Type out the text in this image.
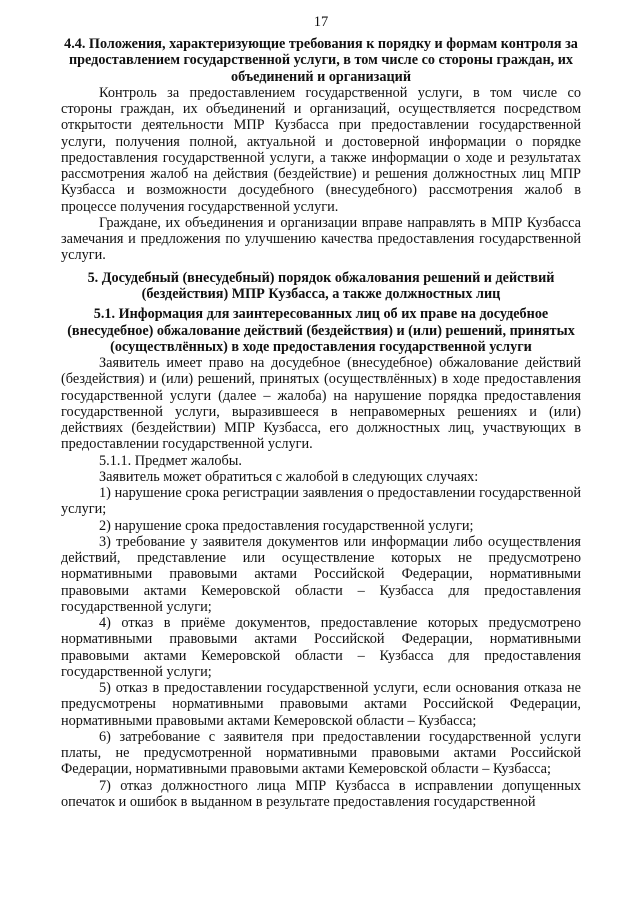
17
4.4. Положения, характеризующие требования к порядку и формам контроля за предоставлением государственной услуги, в том числе со стороны граждан, их объединений и организаций

Контроль за предоставлением государственной услуги, в том числе со стороны граждан, их объединений и организаций, осуществляется посредством открытости деятельности МПР Кузбасса при предоставлении государственной услуги, получения полной, актуальной и достоверной информации о порядке предоставления государственной услуги, а также информации о ходе и результатах рассмотрения жалоб на действия (бездействие) и решения должностных лиц МПР Кузбасса и возможности досудебного (внесудебного) рассмотрения жалоб в процессе получения государственной услуги.

Граждане, их объединения и организации вправе направлять в МПР Кузбасса замечания и предложения по улучшению качества предоставления государственной услуги.

5. Досудебный (внесудебный) порядок обжалования решений и действий (бездействия) МПР Кузбасса, а также должностных лиц
5.1. Информация для заинтересованных лиц об их праве на досудебное (внесудебное) обжалование действий (бездействия) и (или) решений, принятых (осуществлённых) в ходе предоставления государственной услуги

Заявитель имеет право на досудебное (внесудебное) обжалование действий (бездействия) и (или) решений, принятых (осуществлённых) в ходе предоставления государственной услуги (далее – жалоба) на нарушение порядка предоставления государственной услуги, выразившееся в неправомерных решениях и (или) действиях (бездействии) МПР Кузбасса, его должностных лиц, участвующих в предоставлении государственной услуги.

5.1.1. Предмет жалобы.

Заявитель может обратиться с жалобой в следующих случаях:

1) нарушение срока регистрации заявления о предоставлении государственной услуги;

2) нарушение срока предоставления государственной услуги;

3) требование у заявителя документов или информации либо осуществления действий, представление или осуществление которых не предусмотрено нормативными правовыми актами Российской Федерации, нормативными правовыми актами Кемеровской области – Кузбасса для предоставления государственной услуги;

4) отказ в приёме документов, предоставление которых предусмотрено нормативными правовыми актами Российской Федерации, нормативными правовыми актами Кемеровской области – Кузбасса для предоставления государственной услуги;

5) отказ в предоставлении государственной услуги, если основания отказа не предусмотрены нормативными правовыми актами Российской Федерации, нормативными правовыми актами Кемеровской области – Кузбасса;

6) затребование с заявителя при предоставлении государственной услуги платы, не предусмотренной нормативными правовыми актами Российской Федерации, нормативными правовыми актами Кемеровской области – Кузбасса;

7) отказ должностного лица МПР Кузбасса в исправлении допущенных опечаток и ошибок в выданном в результате предоставления государственной
